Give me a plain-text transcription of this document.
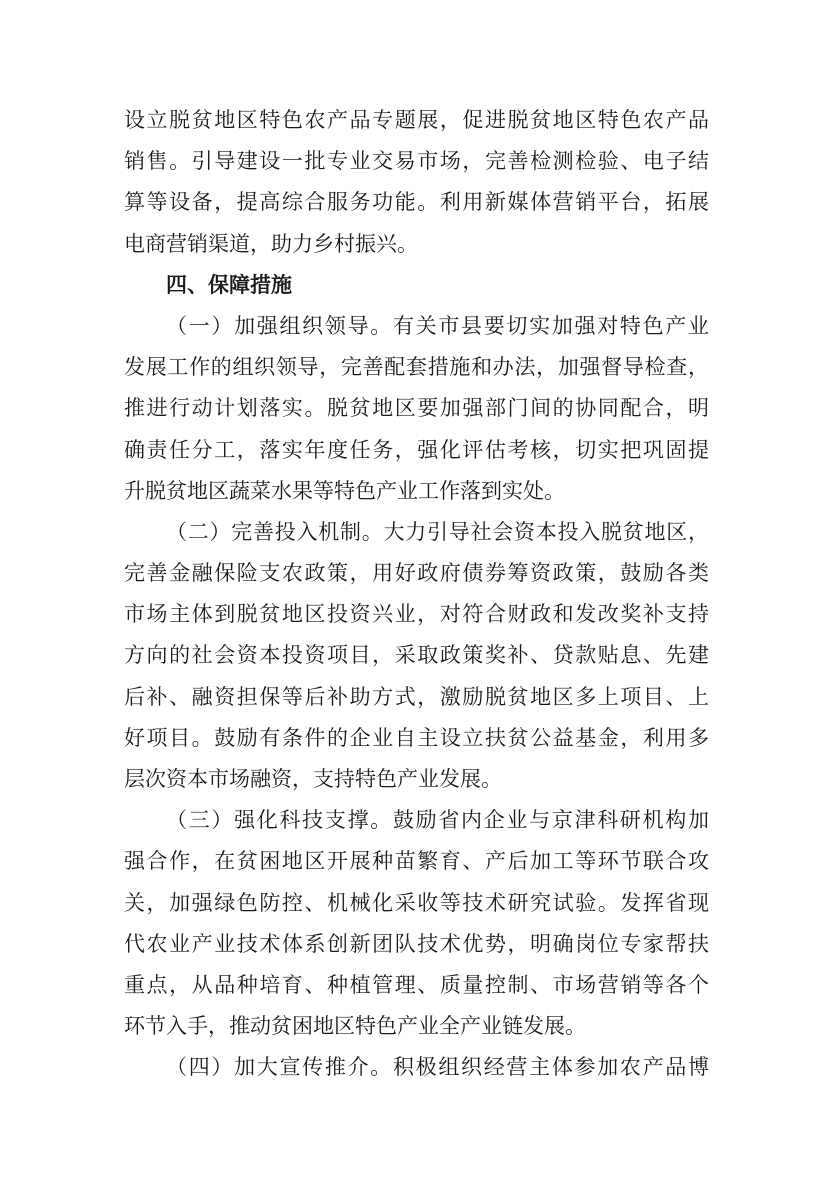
设立脱贫地区特色农产品专题展，促进脱贫地区特色农产品
销售。引导建设一批专业交易市场，完善检测检验、电子结
算等设备，提高综合服务功能。利用新媒体营销平台，拓展
电商营销渠道，助力乡村振兴。
四、保障措施
（一）加强组织领导。有关市县要切实加强对特色产业
发展工作的组织领导，完善配套措施和办法，加强督导检查，
推进行动计划落实。脱贫地区要加强部门间的协同配合，明
确责任分工，落实年度任务，强化评估考核，切实把巩固提
升脱贫地区蔬菜水果等特色产业工作落到实处。
（二）完善投入机制。大力引导社会资本投入脱贫地区，
完善金融保险支农政策，用好政府债券筹资政策，鼓励各类
市场主体到脱贫地区投资兴业，对符合财政和发改奖补支持
方向的社会资本投资项目，采取政策奖补、贷款贴息、先建
后补、融资担保等后补助方式，激励脱贫地区多上项目、上
好项目。鼓励有条件的企业自主设立扶贫公益基金，利用多
层次资本市场融资，支持特色产业发展。
（三）强化科技支撑。鼓励省内企业与京津科研机构加
强合作，在贫困地区开展种苗繁育、产后加工等环节联合攻
关，加强绿色防控、机械化采收等技术研究试验。发挥省现
代农业产业技术体系创新团队技术优势，明确岗位专家帮扶
重点，从品种培育、种植管理、质量控制、市场营销等各个
环节入手，推动贫困地区特色产业全产业链发展。
（四）加大宣传推介。积极组织经营主体参加农产品博
